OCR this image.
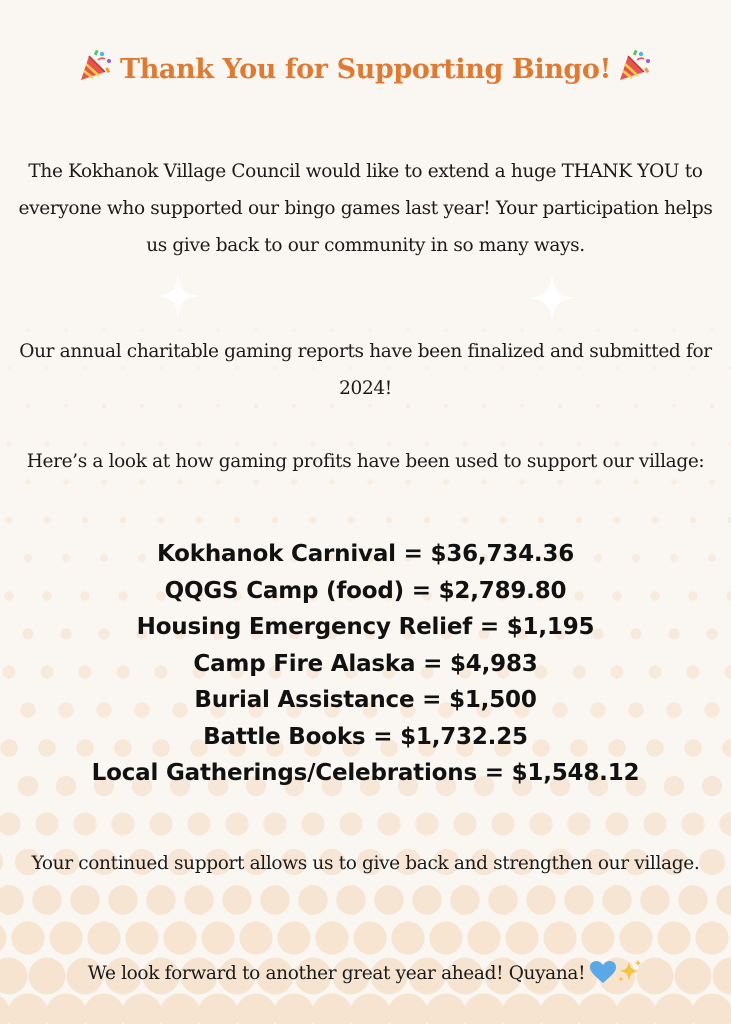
Thank You for Supporting Bingo!

The Kokhanok Village Council would like to extend a huge THANK YOU to everyone who supported our bingo games last year! Your participation helps us give back to our community in so many ways.

Our annual charitable gaming reports have been finalized and submitted for 2024!

Here’s a look at how gaming profits have been used to support our village:

Kokhanok Carnival = $36,734.36
QQGS Camp (food) = $2,789.80
Housing Emergency Relief = $1,195
Camp Fire Alaska = $4,983
Burial Assistance = $1,500
Battle Books = $1,732.25
Local Gatherings/Celebrations = $1,548.12

Your continued support allows us to give back and strengthen our village.

We look forward to another great year ahead! Quyana!
